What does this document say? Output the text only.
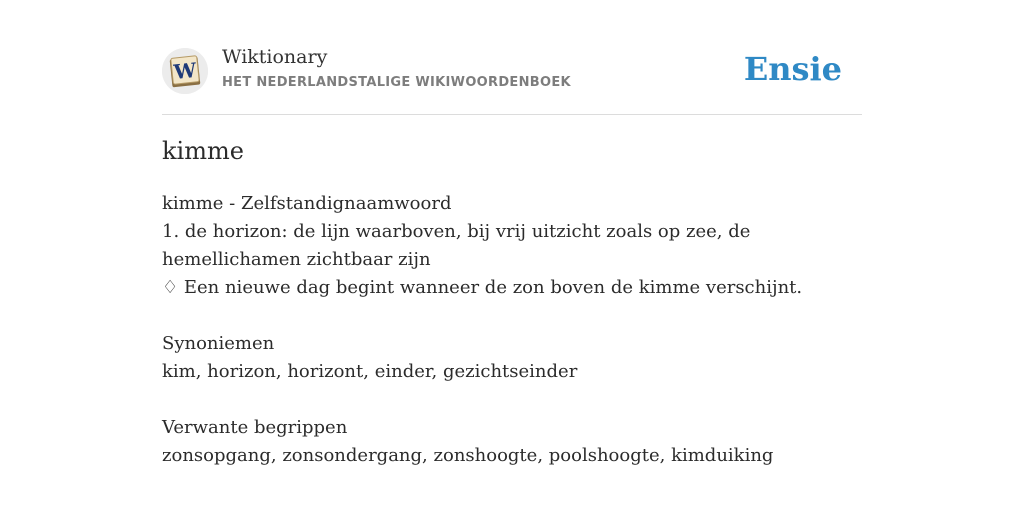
W
Wiktionary
HET NEDERLANDSTALIGE WIKIWOORDENBOEK	Ensie
kimme

kimme - Zelfstandignaamwoord

1. de horizon: de lijn waarboven, bij vrij uitzicht zoals op zee, de hemellichamen zichtbaar zijn

♢ Een nieuwe dag begint wanneer de zon boven de kimme verschijnt.

Synoniemen

kim, horizon, horizont, einder, gezichtseinder

Verwante begrippen

zonsopgang, zonsondergang, zonshoogte, poolshoogte, kimduiking
